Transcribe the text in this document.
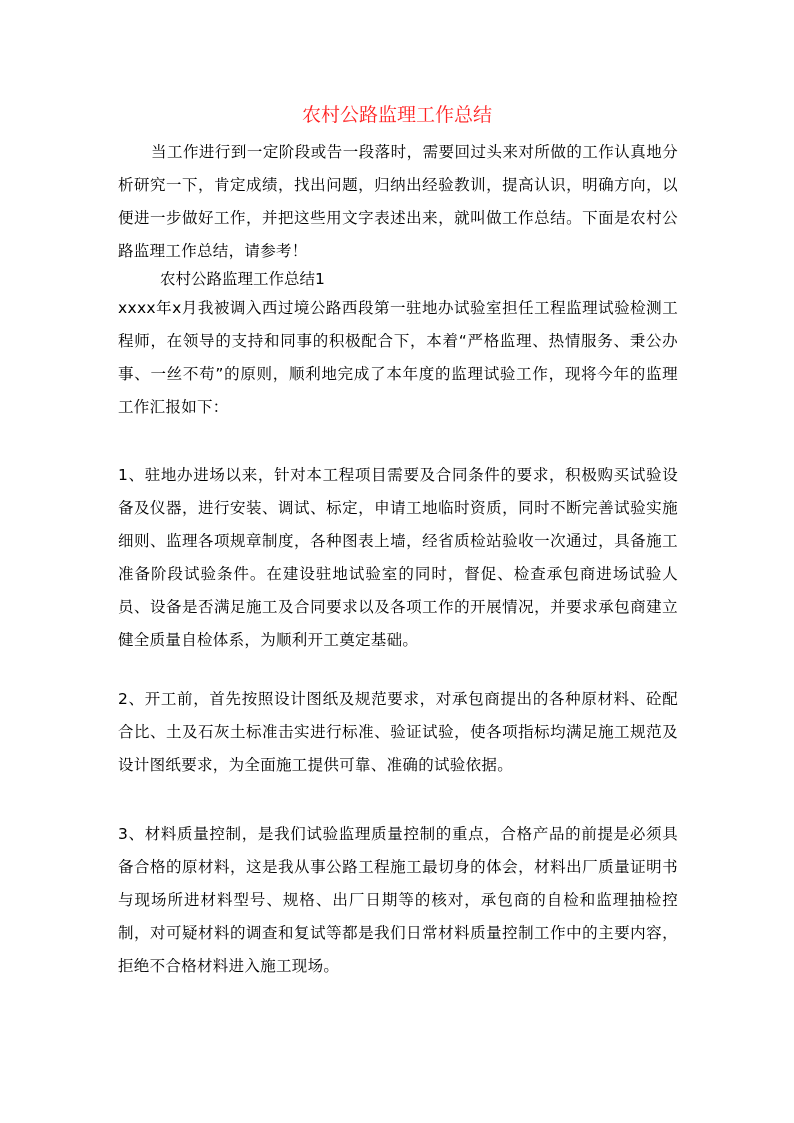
农村公路监理工作总结
当工作进行到一定阶段或告一段落时，需要回过头来对所做的工作认真地分析研究一下，肯定成绩，找出问题，归纳出经验教训，提高认识，明确方向，以便进一步做好工作，并把这些用文字表述出来，就叫做工作总结。下面是农村公路监理工作总结，请参考！
农村公路监理工作总结1
xxxx年x月我被调入西过境公路西段第一驻地办试验室担任工程监理试验检测工程师，在领导的支持和同事的积极配合下，本着“严格监理、热情服务、秉公办事、一丝不苟”的原则，顺利地完成了本年度的监理试验工作，现将今年的监理工作汇报如下：
1、驻地办进场以来，针对本工程项目需要及合同条件的要求，积极购买试验设备及仪器，进行安装、调试、标定，申请工地临时资质，同时不断完善试验实施细则、监理各项规章制度，各种图表上墙，经省质检站验收一次通过，具备施工准备阶段试验条件。在建设驻地试验室的同时，督促、检查承包商进场试验人员、设备是否满足施工及合同要求以及各项工作的开展情况，并要求承包商建立健全质量自检体系，为顺利开工奠定基础。
2、开工前，首先按照设计图纸及规范要求，对承包商提出的各种原材料、砼配合比、土及石灰土标准击实进行标准、验证试验，使各项指标均满足施工规范及设计图纸要求，为全面施工提供可靠、准确的试验依据。
3、材料质量控制，是我们试验监理质量控制的重点，合格产品的前提是必须具备合格的原材料，这是我从事公路工程施工最切身的体会，材料出厂质量证明书与现场所进材料型号、规格、出厂日期等的核对，承包商的自检和监理抽检控制，对可疑材料的调查和复试等都是我们日常材料质量控制工作中的主要内容，拒绝不合格材料进入施工现场。
